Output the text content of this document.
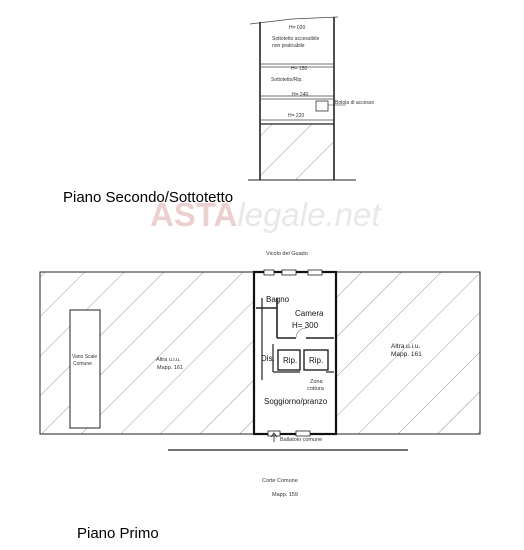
H= 020
Sottotetto accessibile
non praticabile
H= 150
Sottotetto/Rip.
H= 240
Botola di accesso
H= 220
Bagno
Camera
H= 300
Dis. Rip. Rip.
Zona
cottura
Soggiorno/pranzo
Vano Scale
Comune
Altra u.i.u.
Mapp. 161
Altra u.i.u.
Mapp. 161
Ballatoio comune
Corte Comune
Mapp. 159
Vicolo del Guado
Piano Secondo/Sottotetto
ASTAlegale.net
Piano Primo
